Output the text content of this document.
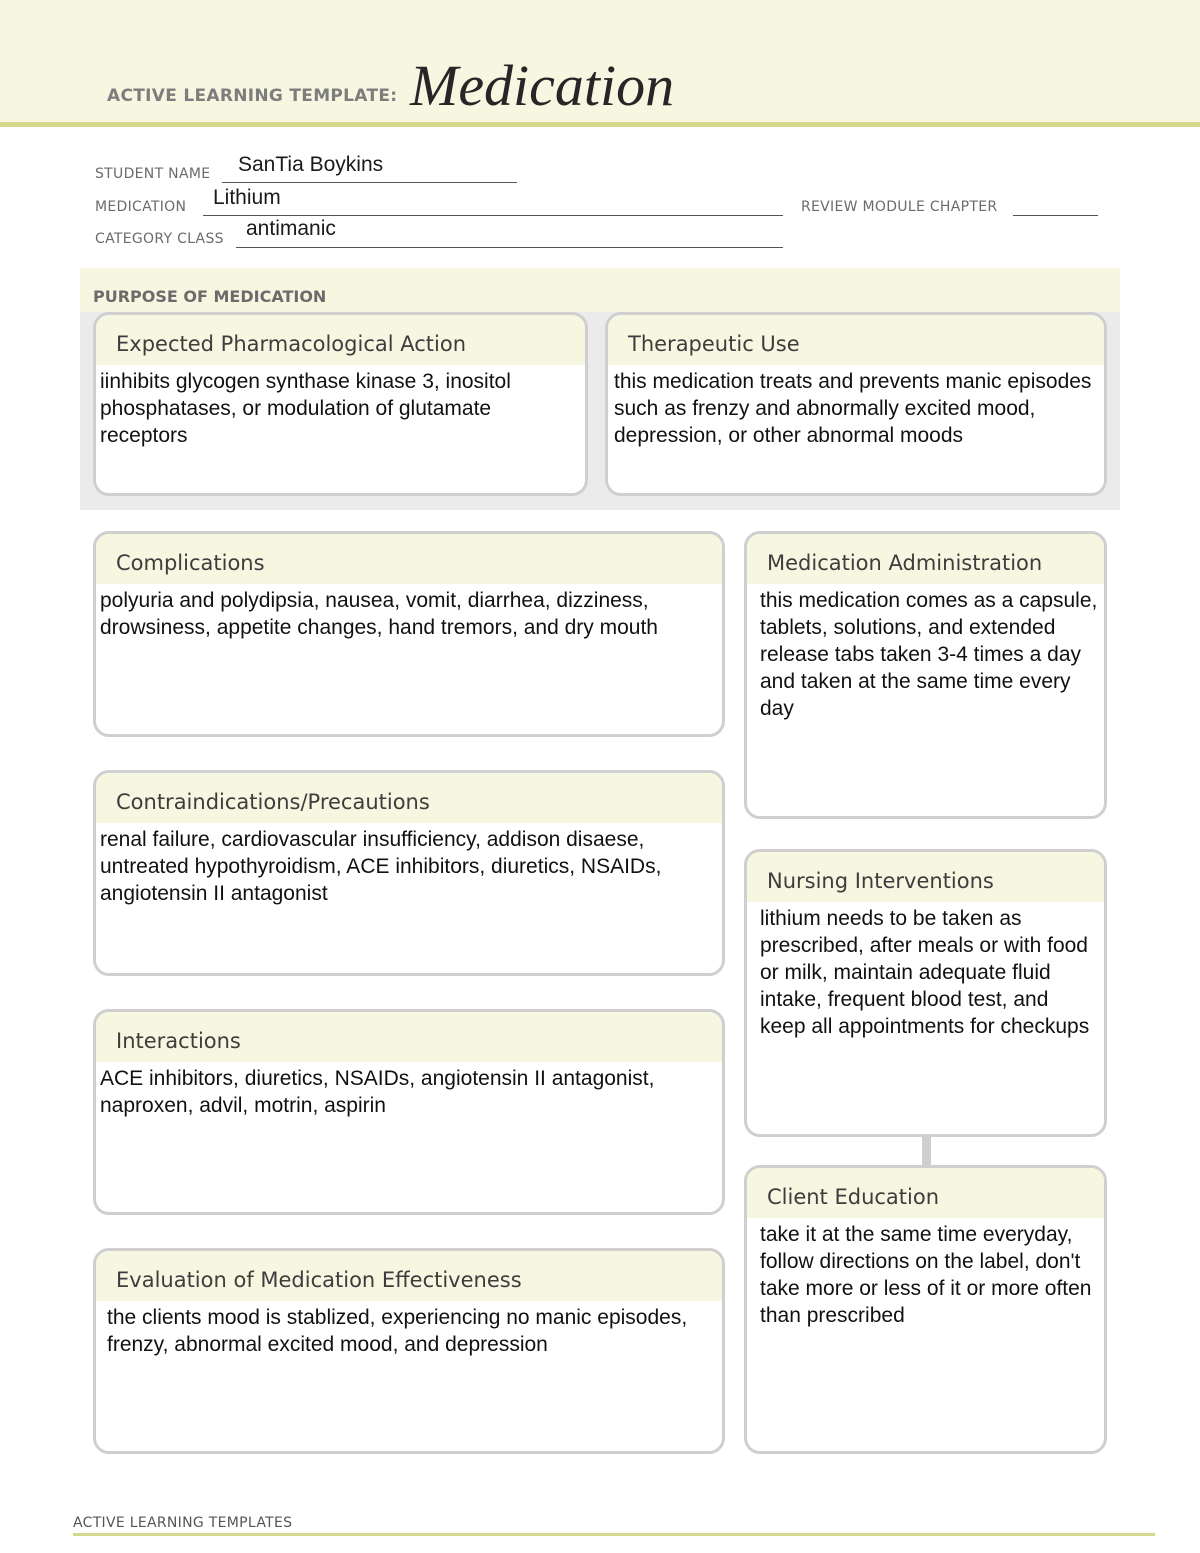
ACTIVE LEARNING TEMPLATE: Medication
STUDENT NAME SanTia Boykins
MEDICATION Lithium	REVIEW MODULE CHAPTER
CATEGORY CLASS antimanic
PURPOSE OF MEDICATION
Expected Pharmacological Action
iinhibits glycogen synthase kinase 3, inositol phosphatases, or modulation of glutamate receptors
Therapeutic Use
this medication treats and prevents manic episodes such as frenzy and abnormally excited mood, depression, or other abnormal moods
Complications
polyuria and polydipsia, nausea, vomit, diarrhea, dizziness, drowsiness, appetite changes, hand tremors, and dry mouth
Contraindications/Precautions
renal failure, cardiovascular insufficiency, addison disaese, untreated hypothyroidism, ACE inhibitors, diuretics, NSAIDs, angiotensin II antagonist
Interactions
ACE inhibitors, diuretics, NSAIDs, angiotensin II antagonist, naproxen, advil, motrin, aspirin
Evaluation of Medication Effectiveness
the clients mood is stablized, experiencing no manic episodes, frenzy, abnormal excited mood, and depression
Medication Administration
this medication comes as a capsule, tablets, solutions, and extended release tabs taken 3-4 times a day and taken at the same time every day
Nursing Interventions
lithium needs to be taken as prescribed, after meals or with food or milk, maintain adequate fluid intake, frequent blood test, and keep all appointments for checkups
Client Education
take it at the same time everyday, follow directions on the label, don't take more or less of it or more often than prescribed
ACTIVE LEARNING TEMPLATES
